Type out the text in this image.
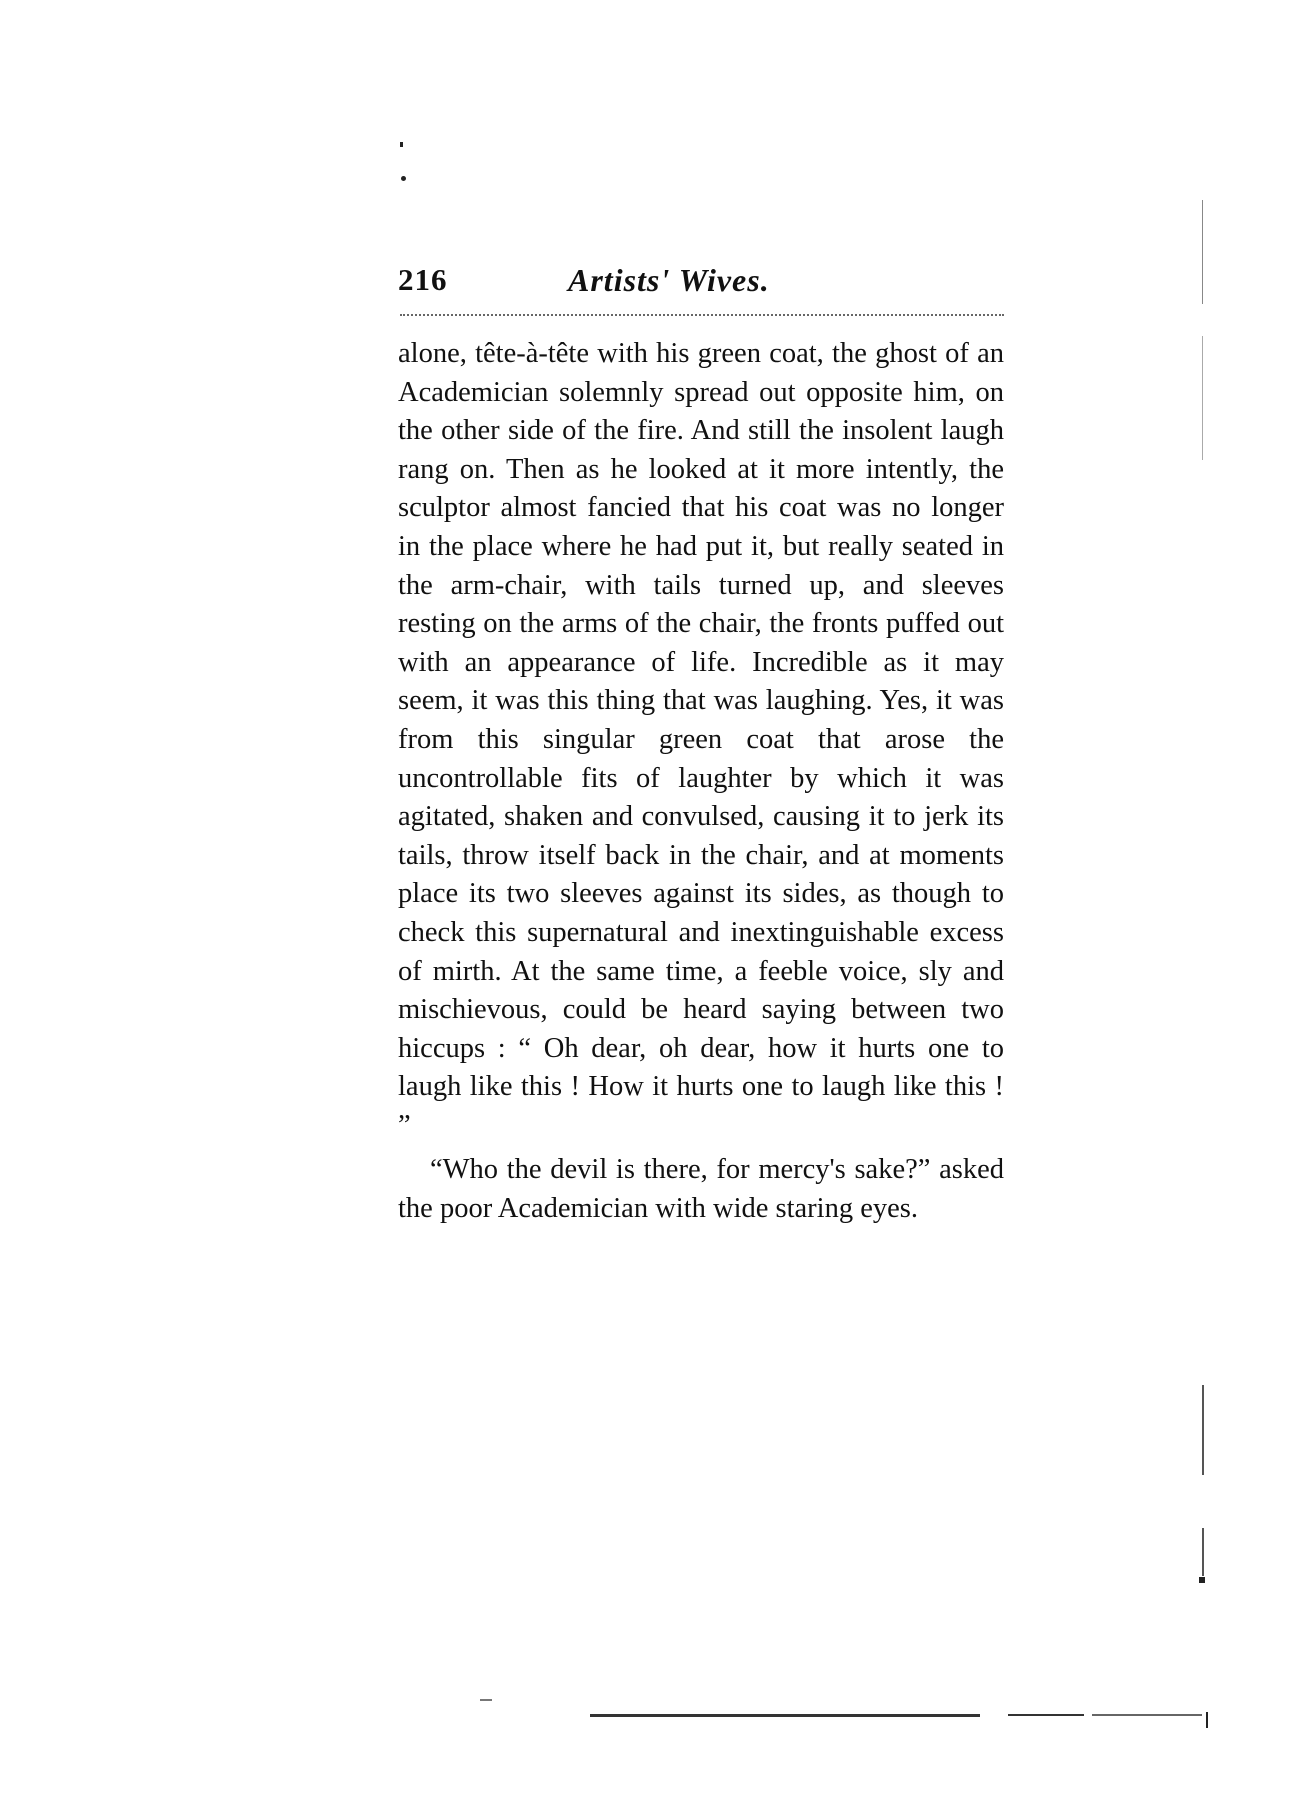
216	Artists' Wives.

alone, tête-à-tête with his green coat, the ghost of an Academician solemnly spread out opposite him, on the other side of the fire. And still the insolent laugh rang on. Then as he looked at it more intently, the sculptor almost fancied that his coat was no longer in the place where he had put it, but really seated in the arm-chair, with tails turned up, and sleeves resting on the arms of the chair, the fronts puffed out with an appearance of life. Incredible as it may seem, it was this thing that was laughing. Yes, it was from this singular green coat that arose the uncontrollable fits of laughter by which it was agitated, shaken and convulsed, causing it to jerk its tails, throw itself back in the chair, and at moments place its two sleeves against its sides, as though to check this supernatural and inextinguishable excess of mirth. At the same time, a feeble voice, sly and mischievous, could be heard saying between two hiccups : “ Oh dear, oh dear, how it hurts one to laugh like this ! How it hurts one to laugh like this ! ”

“Who the devil is there, for mercy's sake?” asked the poor Academician with wide staring eyes.
